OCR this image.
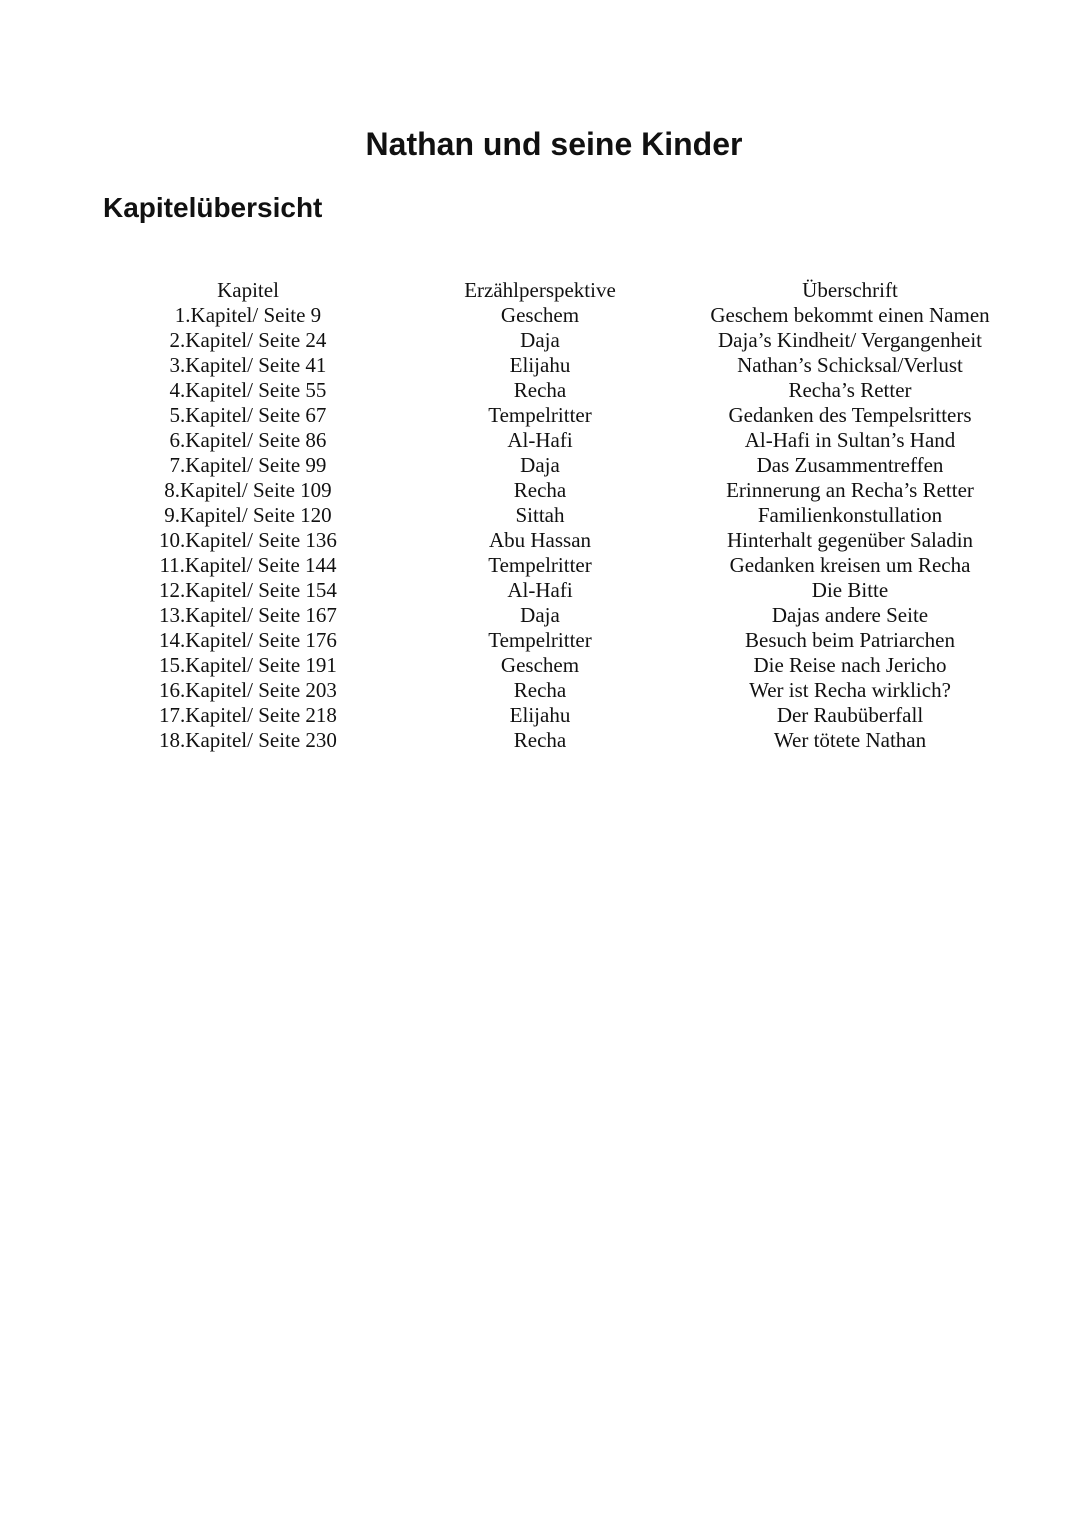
Nathan und seine Kinder
Kapitelübersicht
Kapitel	Erzählperspektive	Überschrift
1.Kapitel/ Seite 9	Geschem	Geschem bekommt einen Namen
2.Kapitel/ Seite 24	Daja	Daja’s Kindheit/ Vergangenheit
3.Kapitel/ Seite 41	Elijahu	Nathan’s Schicksal/Verlust
4.Kapitel/ Seite 55	Recha	Recha’s Retter
5.Kapitel/ Seite 67	Tempelritter	Gedanken des Tempelsritters
6.Kapitel/ Seite 86	Al-Hafi	Al-Hafi in Sultan’s Hand
7.Kapitel/ Seite 99	Daja	Das Zusammentreffen
8.Kapitel/ Seite 109	Recha	Erinnerung an Recha’s Retter
9.Kapitel/ Seite 120	Sittah	Familienkonstullation
10.Kapitel/ Seite 136	Abu Hassan	Hinterhalt gegenüber Saladin
11.Kapitel/ Seite 144	Tempelritter	Gedanken kreisen um Recha
12.Kapitel/ Seite 154	Al-Hafi	Die Bitte
13.Kapitel/ Seite 167	Daja	Dajas andere Seite
14.Kapitel/ Seite 176	Tempelritter	Besuch beim Patriarchen
15.Kapitel/ Seite 191	Geschem	Die Reise nach Jericho
16.Kapitel/ Seite 203	Recha	Wer ist Recha wirklich?
17.Kapitel/ Seite 218	Elijahu	Der Raubüberfall
18.Kapitel/ Seite 230	Recha	Wer tötete Nathan
